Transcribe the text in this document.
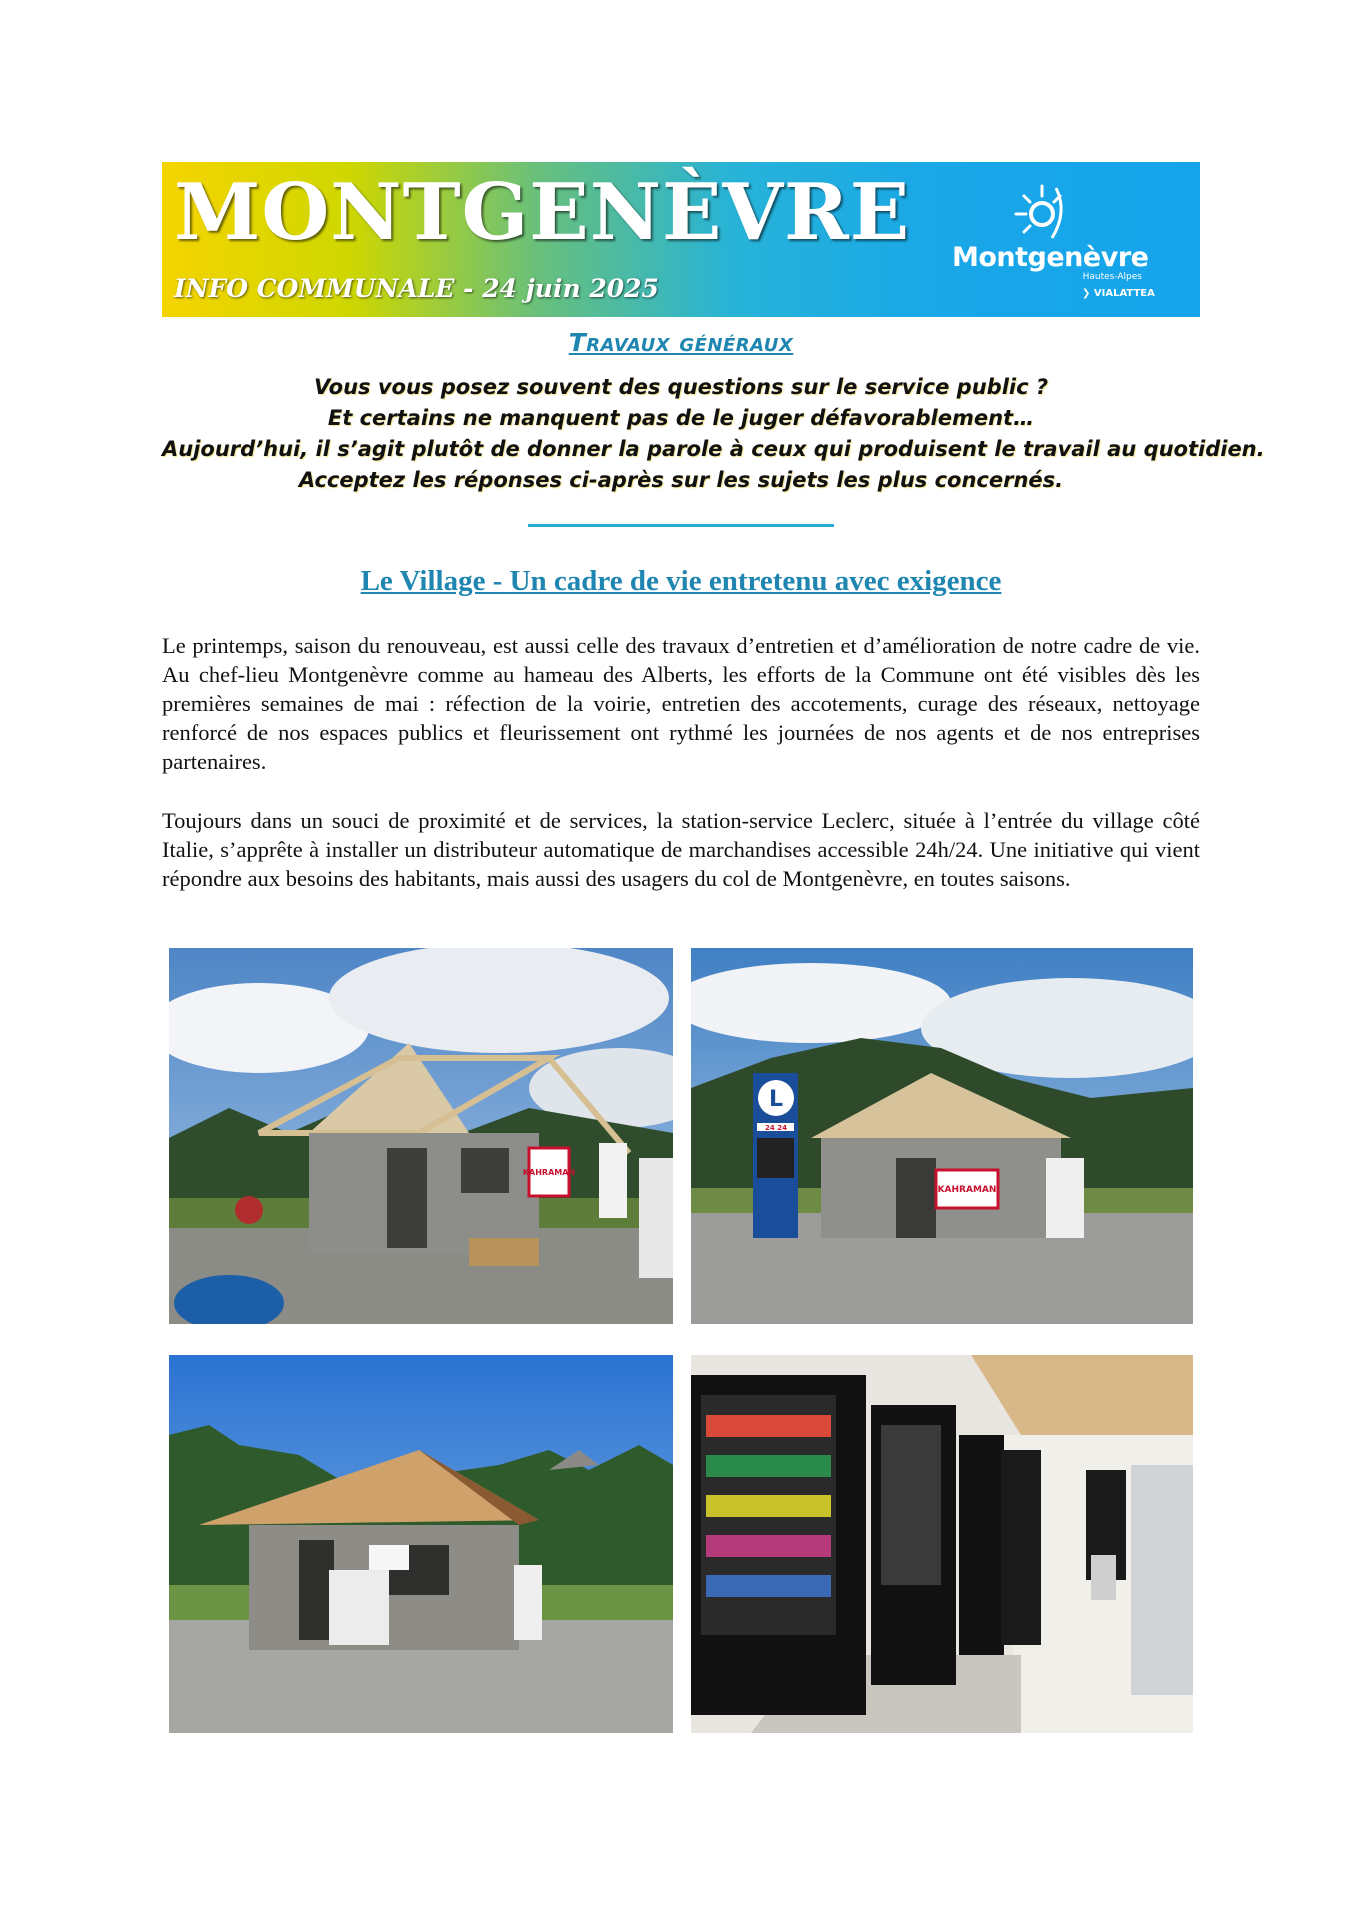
MONTGENÈVRE
INFO COMMUNALE - 24 juin 2025
Montgenèvre
Hautes-Alpes
❯ VIALATTEA
Travaux généraux
Vous vous posez souvent des questions sur le service public ?
Et certains ne manquent pas de le juger défavorablement…
Aujourd’hui, il s’agit plutôt de donner la parole à ceux qui produisent le travail au quotidien.
Acceptez les réponses ci-après sur les sujets les plus concernés.
Le Village - Un cadre de vie entretenu avec exigence

Le printemps, saison du renouveau, est aussi celle des travaux d’entretien et d’amélioration de notre cadre de vie. Au chef-lieu Montgenèvre comme au hameau des Alberts, les efforts de la Commune ont été visibles dès les premières semaines de mai : réfection de la voirie, entretien des accotements, curage des réseaux, nettoyage renforcé de nos espaces publics et fleurissement ont rythmé les journées de nos agents et de nos entreprises partenaires.

Toujours dans un souci de proximité et de services, la station-service Leclerc, située à l’entrée du village côté Italie, s’apprête à installer un distributeur automatique de marchandises accessible 24h/24. Une initiative qui vient répondre aux besoins des habitants, mais aussi des usagers du col de Montgenèvre, en toutes saisons.

KAHRAMAN
KAHRAMAN
L
24 24
